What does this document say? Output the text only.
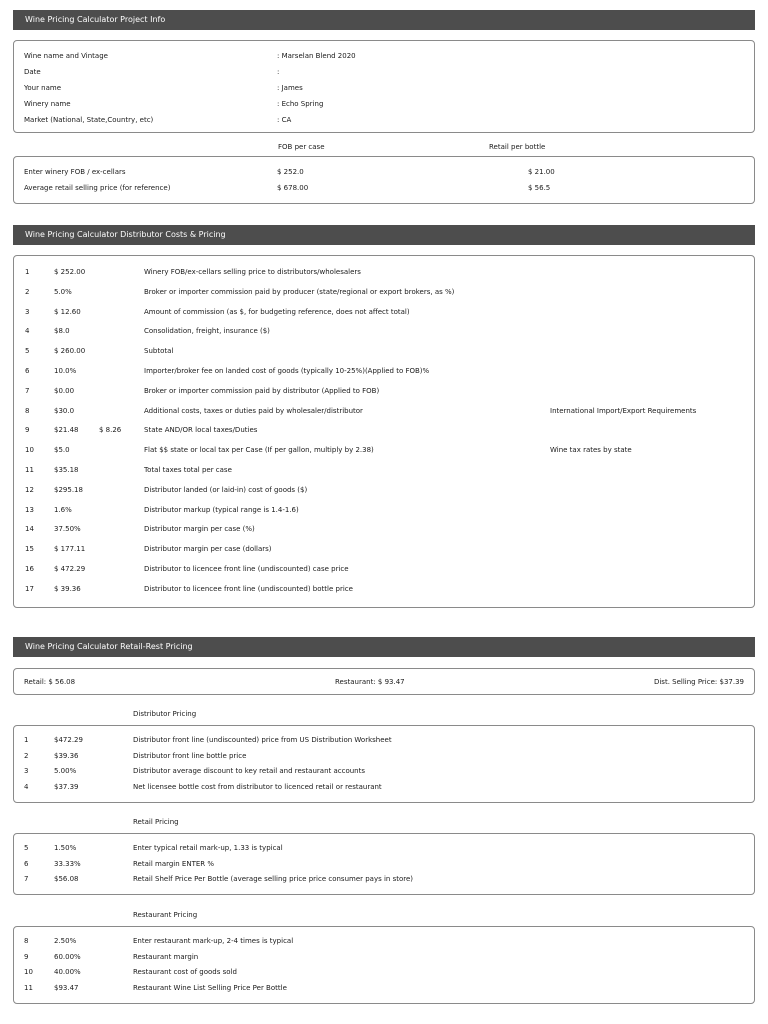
Wine Pricing Calculator Project Info
Wine name and Vintage	: Marselan Blend 2020
Date	:
Your name	: James
Winery name	: Echo Spring
Market (National, State,Country, etc)	: CA
FOB per case	Retail per bottle
Enter winery FOB / ex-cellars	$ 252.0	$ 21.00
Average retail selling price (for reference)	$ 678.00	$ 56.5
Wine Pricing Calculator Distributor Costs & Pricing
1	$ 252.00	Winery FOB/ex-cellars selling price to distributors/wholesalers
2	5.0%	Broker or importer commission paid by producer (state/regional or export brokers, as %)
3	$ 12.60	Amount of commission (as $, for budgeting reference, does not affect total)
4	$8.0	Consolidation, freight, insurance ($)
5	$ 260.00	Subtotal
6	10.0%	Importer/broker fee on landed cost of goods (typically 10-25%)(Applied to FOB)%
7	$0.00	Broker or importer commission paid by distributor (Applied to FOB)
8	$30.0	Additional costs, taxes or duties paid by wholesaler/distributor	International Import/Export Requirements
9	$21.48	$ 8.26	State AND/OR local taxes/Duties
10	$5.0	Flat $$ state or local tax per Case (If per gallon, multiply by 2.38)	Wine tax rates by state
11	$35.18	Total taxes total per case
12	$295.18	Distributor landed (or laid-in) cost of goods ($)
13	1.6%	Distributor markup (typical range is 1.4-1.6)
14	37.50%	Distributor margin per case (%)
15	$ 177.11	Distributor margin per case (dollars)
16	$ 472.29	Distributor to licencee front line (undiscounted) case price
17	$ 39.36	Distributor to licencee front line (undiscounted) bottle price
Wine Pricing Calculator Retail-Rest Pricing
Retail: $ 56.08	Restaurant: $ 93.47	Dist. Selling Price: $37.39
Distributor Pricing
1	$472.29	Distributor front line (undiscounted) price from US Distribution Worksheet
2	$39.36	Distributor front line bottle price
3	5.00%	Distributor average discount to key retail and restaurant accounts
4	$37.39	Net licensee bottle cost from distributor to licenced retail or restaurant
Retail Pricing
5	1.50%	Enter typical retail mark-up, 1.33 is typical
6	33.33%	Retail margin ENTER %
7	$56.08	Retail Shelf Price Per Bottle (average selling price price consumer pays in store)
Restaurant Pricing
8	2.50%	Enter restaurant mark-up, 2-4 times is typical
9	60.00%	Restaurant margin
10	40.00%	Restaurant cost of goods sold
11	$93.47	Restaurant Wine List Selling Price Per Bottle
